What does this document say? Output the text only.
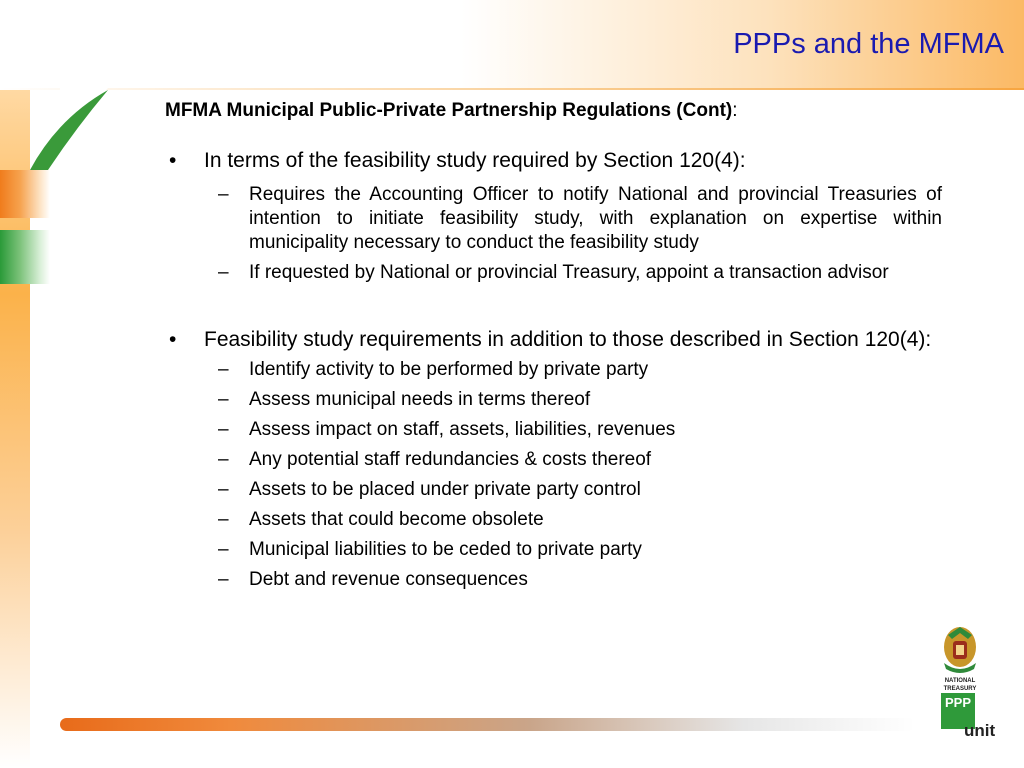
PPPs and the MFMA

MFMA Municipal Public-Private Partnership Regulations (Cont):

• In terms of the feasibility study required by Section 120(4):
– Requires the Accounting Officer to notify National and provincial Treasuries of intention to initiate feasibility study, with explanation on expertise within municipality necessary to conduct the feasibility study
– If requested by National or provincial Treasury, appoint a transaction advisor
• Feasibility study requirements in addition to those described in Section 120(4):
– Identify activity to be performed by private party
– Assess municipal needs in terms thereof
– Assess impact on staff, assets, liabilities, revenues
– Any potential staff redundancies & costs thereof
– Assets to be placed under private party control
– Assets that could become obsolete
– Municipal liabilities to be ceded to private party
– Debt and revenue consequences
NATIONAL TREASURY
PPP
unit
